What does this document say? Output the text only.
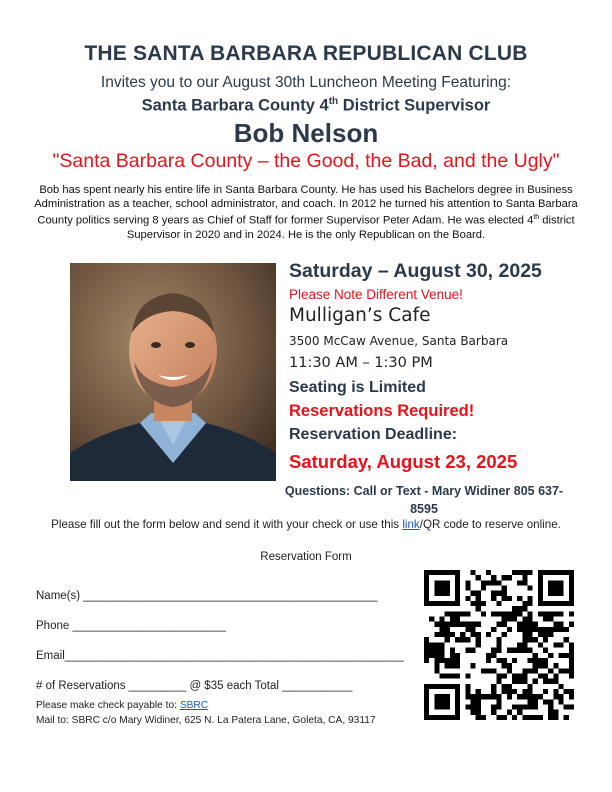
THE SANTA BARBARA REPUBLICAN CLUB
Invites you to our August 30th Luncheon Meeting Featuring:
Santa Barbara County 4th District Supervisor
Bob Nelson
"Santa Barbara County – the Good, the Bad, and the Ugly"
Bob has spent nearly his entire life in Santa Barbara County. He has used his Bachelors degree in Business Administration as a teacher, school administrator, and coach. In 2012 he turned his attention to Santa Barbara County politics serving 8 years as Chief of Staff for former Supervisor Peter Adam. He was elected 4th district Supervisor in 2020 and in 2024. He is the only Republican on the Board.
Saturday – August 30, 2025
Please Note Different Venue!
Mulligan’s Cafe
3500 McCaw Avenue, Santa Barbara
11:30 AM – 1:30 PM
Seating is Limited
Reservations Required!
Reservation Deadline:
Saturday, August 23, 2025
Questions: Call or Text - Mary Widiner 805 637-8595
Please fill out the form below and send it with your check or use this link/QR code to reserve online.
Reservation Form
Name(s) ______________________________________________
Phone ________________________
Email_____________________________________________________
# of Reservations _________ @ $35 each Total ___________
Please make check payable to: SBRC
Mail to: SBRC c/o Mary Widiner, 625 N. La Patera Lane, Goleta, CA, 93117
